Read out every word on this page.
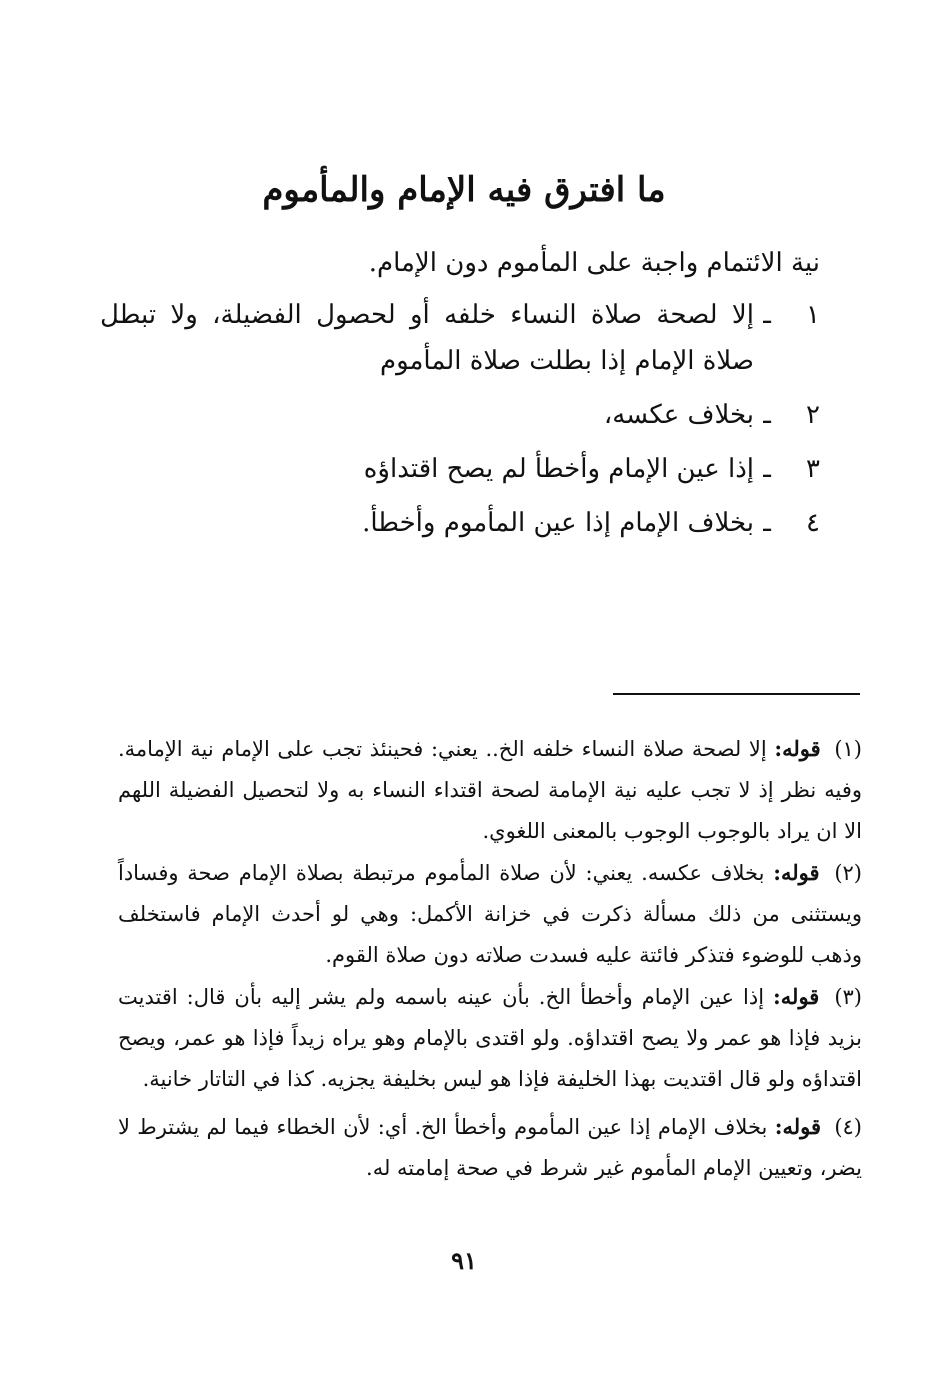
ما افترق فيه الإمام والمأموم
نية الائتمام واجبة على المأموم دون الإمام.
١
ـ
إلا لصحة صلاة النساء خلفه أو لحصول الفضيلة، ولا تبطل صلاة الإمام إذا بطلت صلاة المأموم
٢
ـ
بخلاف عكسه،
٣
ـ
إذا عين الإمام وأخطأ لم يصح اقتداؤه
٤
ـ
بخلاف الإمام إذا عين المأموم وأخطأ.
(١) قوله: إلا لصحة صلاة النساء خلفه الخ.. يعني: فحينئذ تجب على الإمام نية الإمامة. وفيه نظر إذ لا تجب عليه نية الإمامة لصحة اقتداء النساء به ولا لتحصيل الفضيلة اللهم الا ان يراد بالوجوب الوجوب بالمعنى اللغوي.
(٢) قوله: بخلاف عكسه. يعني: لأن صلاة المأموم مرتبطة بصلاة الإمام صحة وفساداً ويستثنى من ذلك مسألة ذكرت في خزانة الأكمل: وهي لو أحدث الإمام فاستخلف وذهب للوضوء فتذكر فائتة عليه فسدت صلاته دون صلاة القوم.
(٣) قوله: إذا عين الإمام وأخطأ الخ. بأن عينه باسمه ولم يشر إليه بأن قال: اقتديت بزيد فإذا هو عمر ولا يصح اقتداؤه. ولو اقتدى بالإمام وهو يراه زيداً فإذا هو عمر، ويصح اقتداؤه ولو قال اقتديت بهذا الخليفة فإذا هو ليس بخليفة يجزيه. كذا في التاتار خانية.
(٤) قوله: بخلاف الإمام إذا عين المأموم وأخطأ الخ. أي: لأن الخطاء فيما لم يشترط لا يضر، وتعيين الإمام المأموم غير شرط في صحة إمامته له.
٩١
